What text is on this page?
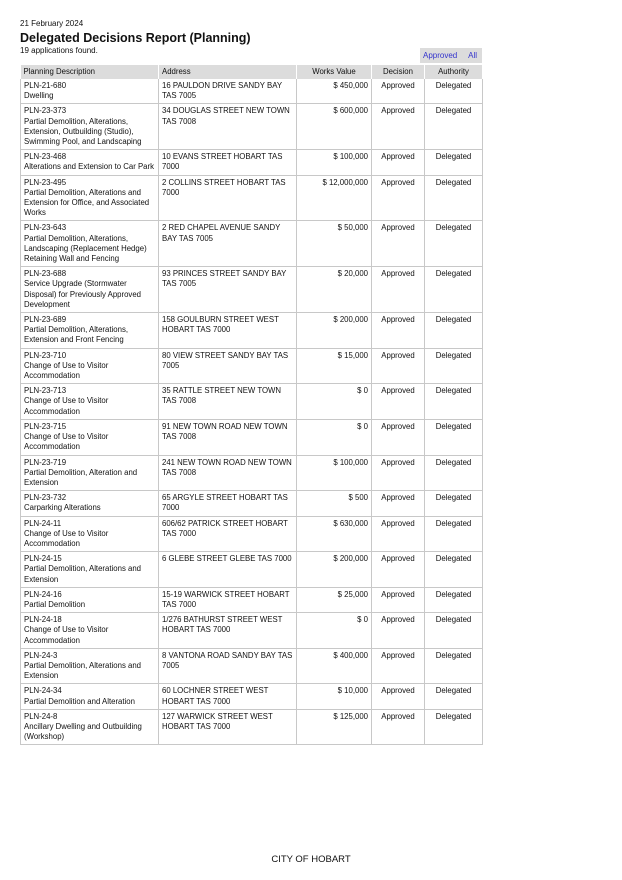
21 February 2024
Delegated Decisions Report (Planning)
19 applications found.
Approved All
Planning Description	Address	Works Value	Decision	Authority

PLN-21-680
Dwelling	16 PAULDON DRIVE SANDY BAY TAS 7005	$ 450,000	Approved	Delegated

PLN-23-373
Partial Demolition, Alterations, Extension, Outbuilding (Studio), Swimming Pool, and Landscaping	34 DOUGLAS STREET NEW TOWN TAS 7008	$ 600,000	Approved	Delegated

PLN-23-468
Alterations and Extension to Car Park	10 EVANS STREET HOBART TAS 7000	$ 100,000	Approved	Delegated

PLN-23-495
Partial Demolition, Alterations and Extension for Office, and Associated Works	2 COLLINS STREET HOBART TAS 7000	$ 12,000,000	Approved	Delegated

PLN-23-643
Partial Demolition, Alterations, Landscaping (Replacement Hedge) Retaining Wall and Fencing	2 RED CHAPEL AVENUE SANDY BAY TAS 7005	$ 50,000	Approved	Delegated

PLN-23-688
Service Upgrade (Stormwater Disposal) for Previously Approved Development	93 PRINCES STREET SANDY BAY TAS 7005	$ 20,000	Approved	Delegated

PLN-23-689
Partial Demolition, Alterations, Extension and Front Fencing	158 GOULBURN STREET WEST HOBART TAS 7000	$ 200,000	Approved	Delegated

PLN-23-710
Change of Use to Visitor Accommodation	80 VIEW STREET SANDY BAY TAS 7005	$ 15,000	Approved	Delegated

PLN-23-713
Change of Use to Visitor Accommodation	35 RATTLE STREET NEW TOWN TAS 7008	$ 0	Approved	Delegated

PLN-23-715
Change of Use to Visitor Accommodation	91 NEW TOWN ROAD NEW TOWN TAS 7008	$ 0	Approved	Delegated

PLN-23-719
Partial Demolition, Alteration and Extension	241 NEW TOWN ROAD NEW TOWN TAS 7008	$ 100,000	Approved	Delegated

PLN-23-732
Carparking Alterations	65 ARGYLE STREET HOBART TAS 7000	$ 500	Approved	Delegated

PLN-24-11
Change of Use to Visitor Accommodation	606/62 PATRICK STREET HOBART TAS 7000	$ 630,000	Approved	Delegated

PLN-24-15
Partial Demolition, Alterations and Extension	6 GLEBE STREET GLEBE TAS 7000	$ 200,000	Approved	Delegated

PLN-24-16
Partial Demolition	15-19 WARWICK STREET HOBART TAS 7000	$ 25,000	Approved	Delegated

PLN-24-18
Change of Use to Visitor Accommodation	1/276 BATHURST STREET WEST HOBART TAS 7000	$ 0	Approved	Delegated

PLN-24-3
Partial Demolition, Alterations and Extension	8 VANTONA ROAD SANDY BAY TAS 7005	$ 400,000	Approved	Delegated

PLN-24-34
Partial Demolition and Alteration	60 LOCHNER STREET WEST HOBART TAS 7000	$ 10,000	Approved	Delegated

PLN-24-8
Ancillary Dwelling and Outbuilding (Workshop)	127 WARWICK STREET WEST HOBART TAS 7000	$ 125,000	Approved	Delegated
CITY OF HOBART
